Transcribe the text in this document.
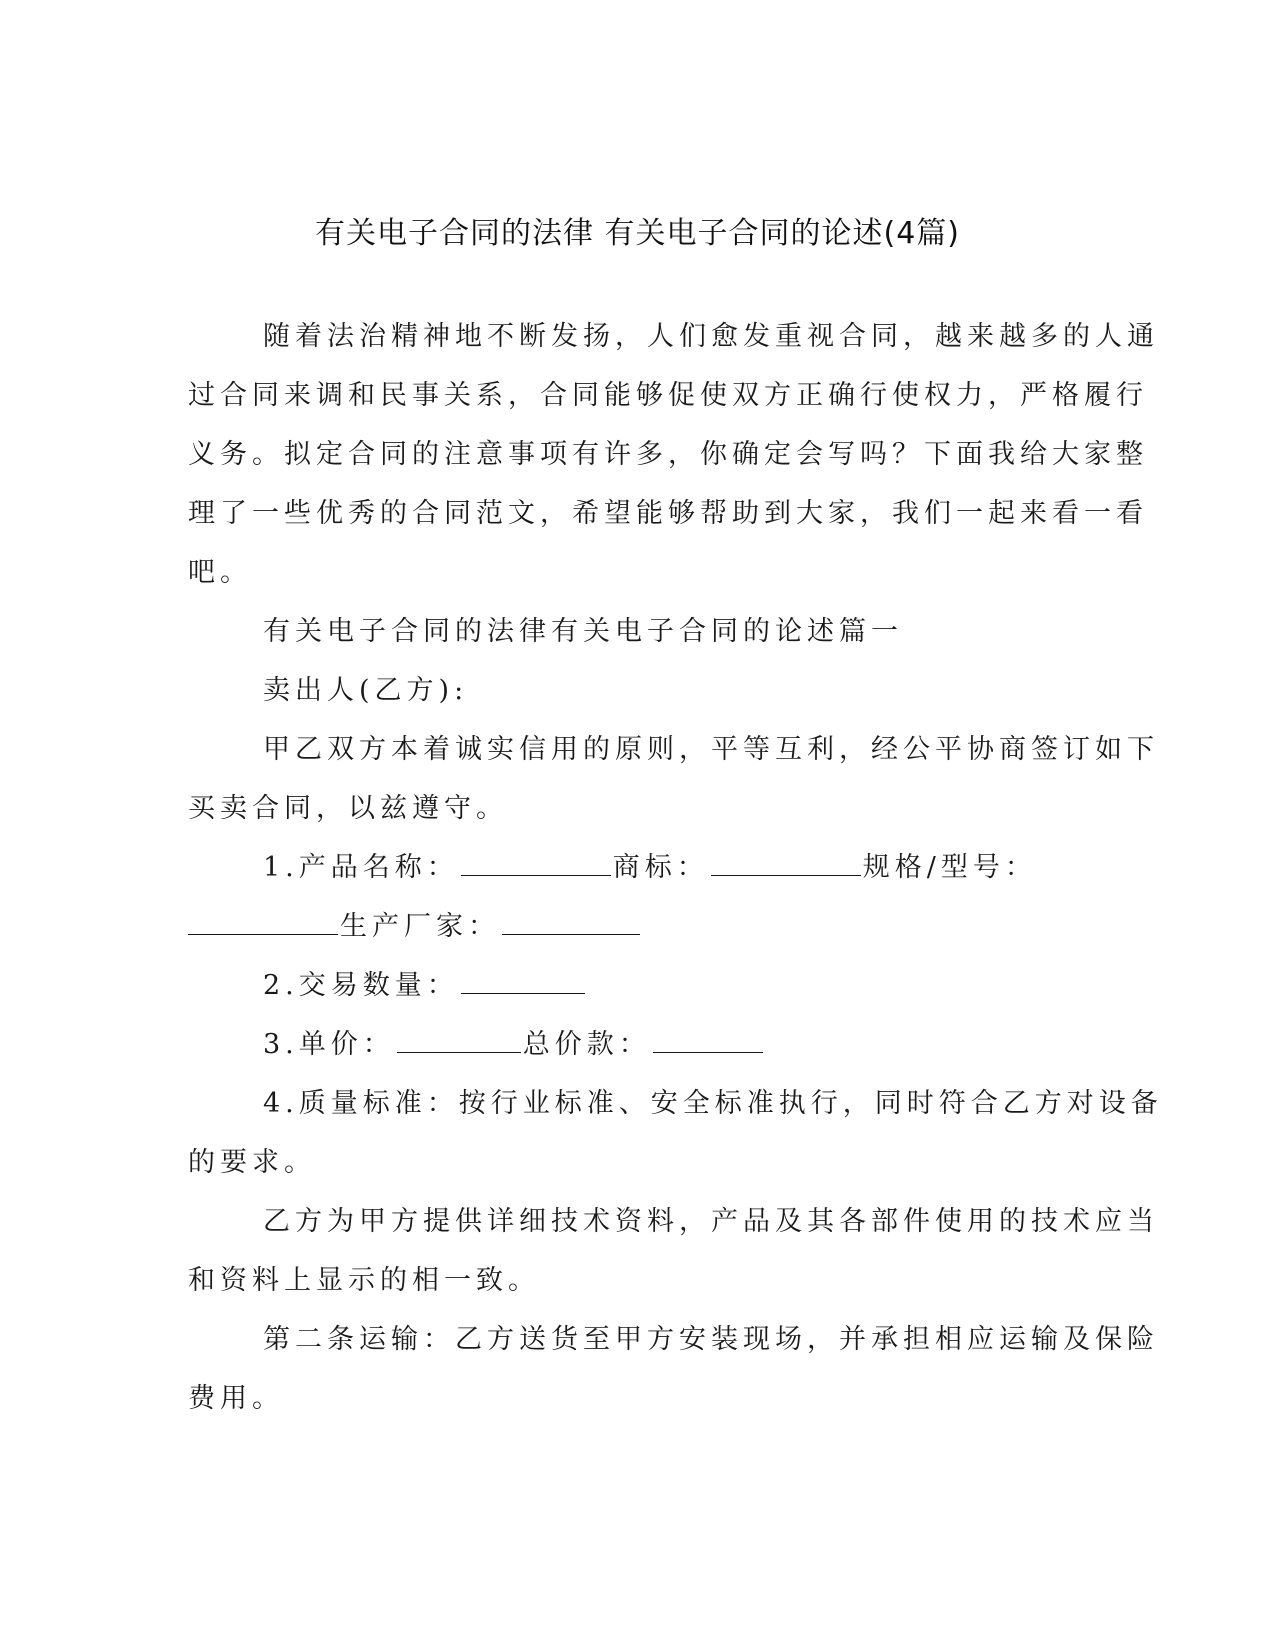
有关电子合同的法律 有关电子合同的论述(4篇)
随着法治精神地不断发扬，人们愈发重视合同，越来越多的人通
过合同来调和民事关系，合同能够促使双方正确行使权力，严格履行
义务。拟定合同的注意事项有许多，你确定会写吗？下面我给大家整
理了一些优秀的合同范文，希望能够帮助到大家，我们一起来看一看
吧。
有关电子合同的法律有关电子合同的论述篇一
卖出人(乙方):
甲乙双方本着诚实信用的原则，平等互利，经公平协商签订如下
买卖合同，以兹遵守。
1.产品名称：	商标：	规格/型号：
生产厂家：
2.交易数量：
3.单价：	总价款：
4.质量标准：按行业标准、安全标准执行，同时符合乙方对设备
的要求。
乙方为甲方提供详细技术资料，产品及其各部件使用的技术应当
和资料上显示的相一致。
第二条运输：乙方送货至甲方安装现场，并承担相应运输及保险
费用。
